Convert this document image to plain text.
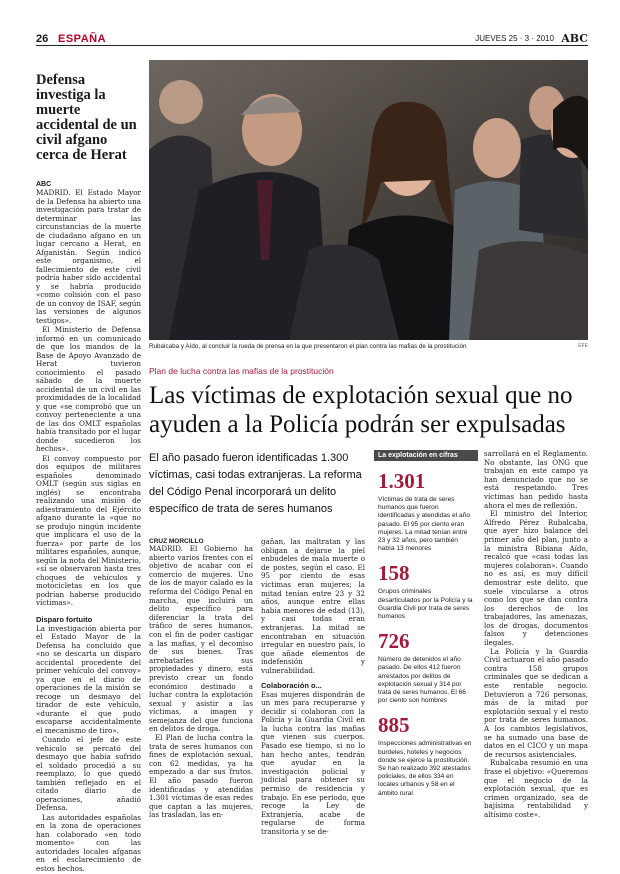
26 ESPAÑA	JUEVES 25 · 3 · 2010 ABC
Defensa investiga la muerte accidental de un civil afgano cerca de Herat
ABC

MADRID. El Estado Mayor de la Defensa ha abierto una investigación para tratar de determinar las circunstancias de la muerte de ciudadano afgano en un lugar cercano a Herat, en Afganistán. Según indicó este organismo, el fallecimiento de este civil podría haber sido accidental y se habría producido «como colisión con el paso de un convoy de ISAF, según las versiones de algunos testigos».

El Ministerio de Defensa informó en un comunicado de que los mandos de la Base de Apoyo Avanzado de Herat tuvieron conocimiento el pasado sábado de la muerte accidental de un civil en las proximidades de la localidad y que «se comprobó que un convoy perteneciente a una de las dos OMLT españolas había transitado por el lugar donde sucedieron los hechos».

El convoy compuesto por dos equipos de militares españoles denominado OMLT (según sus siglas en inglés) se encontraba realizando una misión de adiestramiento del Ejército afgano durante la «que no se produjo ningún incidente que implicara el uso de la fuerza» por parte de los militares españoles, aunque, según la nota del Ministerio, «sí se observaron hasta tres choques de vehículos y motocicletas en los que podrían haberse producido víctimas».

Disparo fortuito

La investigación abierta por el Estado Mayor de la Defensa ha concluido que «no se descarta un disparo accidental procedente del primer vehículo del convoy» ya que en el diario de operaciones de la misión se recoge un desmayo del tirador de este vehículo, «durante el que pudo escaparse accidentalmente el mecanismo de tiro».

Cuando el jefe de este vehículo se percató del desmayo que había sufrido el soldado procedió a su reemplazo, lo que quedó también reflejado en el citado diario de operaciones, añadió Defensa.

Las autoridades españolas en la zona de operaciones han colaborado «en todo momento» con las autoridades locales afganas en el esclarecimiento de estos hechos.

Rubalcaba y Aído, al concluir la rueda de prensa en la que presentaron el plan contra las mafias de la prostitución	EFE
Plan de lucha contra las mafias de la prostitución
Las víctimas de explotación sexual que no ayuden a la Policía podrán ser expulsadas
El año pasado fueron identificadas 1.300 víctimas, casi todas extranjeras. La reforma del Código Penal incorporará un delito específico de trata de seres humanos
CRUZ MORCILLO

MADRID. El Gobierno ha abierto varios frentes con el objetivo de acabar con el comercio de mujeres. Uno de los de mayor calado es la reforma del Código Penal en marcha, que incluirá un delito específico para diferenciar la trata del tráfico de seres humanos, con el fin de poder castigar a las mafias, y el decomiso de sus bienes. Tras arrebatarles sus propiedades y dinero, está previsto crear un fondo económico destinado a luchar contra la explotación sexual y asistir a las víctimas, a imagen y semejanza del que funciona en delitos de droga.

El Plan de lucha contra la trata de seres humanos con fines de explotación sexual, con 62 medidas, ya ha empezado a dar sus frutos. El año pasado fueron identificadas y atendidas 1.301 víctimas de esas redes que captan a las mujeres, las trasladan, las en-

gañan, las maltratan y las obligan a dejarse la piel enbudeles de mala muerte o de postes, según el caso. El 95 por ciento de esas víctimas eran mujeres; la mitad tenían entre 23 y 32 años, aunque entre ellas había menores de edad (13), y casi todas eran extranjeras. La mitad se encontraban en situación irregular en nuestro país, lo que añade elementos de indefensión y vulnerabilidad.

Colaboración o...

Esas mujeres dispondrán de un mes para recuperarse y decidir si colaboran con la Policía y la Guardia Civil en la lucha contra las mafias que vienen sus cuerpos. Pasado ese tiempo, si no lo han hecho antes, tendrán que ayudar en la investigación policial y judicial para obtener su permiso de residencia y trabajo. En ese periodo, que recoge la Ley de Extranjería, acabe de regularse de forma transitoria y se de-

La explotación en cifras
1.301
Víctimas de trata de seres humanos que fueron identificadas y atendidas el año pasado. El 95 por ciento eran mujeres. La mitad tenían entre 23 y 32 años, pero también había 13 menores
158
Grupos criminales desarticulados por la Policía y la Guardia Civil por trata de seres humanos
726
Número de detenidos el año pasado. De ellos 412 fueron arrestados por delitos de explotación sexual y 314 por trata de seres humanos. El 66 por ciento son hombres
885
Inspecciones administrativas en burdeles, hoteles y negocios donde se ejerce la prostitución. Se han realizado 392 atestados policiales, de ellos 334 en locales urbanos y 58 en el ámbito rural

sarrollará en el Reglamento. No obstante, las ONG que trabajan en este campo ya han denunciado que no se está respetando. Tres víctimas han pedido hasta ahora el mes de reflexión.

El ministro del Interior, Alfredo Pérez Rubalcaba, que ayer hizo balance del primer año del plan, junto a la ministra Bibiana Aído, recalcó que «casi todas las mujeres colaboran». Cuando no es así, es muy difícil demostrar este delito, que suele vincularse a otros como los que se dan contra los derechos de los trabajadores, las amenazas, los de drogas, documentos falsos y detenciones ilegales.

La Policía y la Guardia Civil actuaron el año pasado contra 158 grupos criminales que se dedican a este rentable negocio. Detuvieron a 726 personas, más de la mitad por explotación sexual y el resto por trata de seres humanos. A los cambios legislativos, se ha sumado una base de datos en el CICO y un mapa de recursos asistenciales.

Rubalcaba resumió en una frase el objetivo: «Queremos que el negocio de la explotación sexual, que es crimen organizado, sea de bajísima rentabilidad y altísimo coste».
